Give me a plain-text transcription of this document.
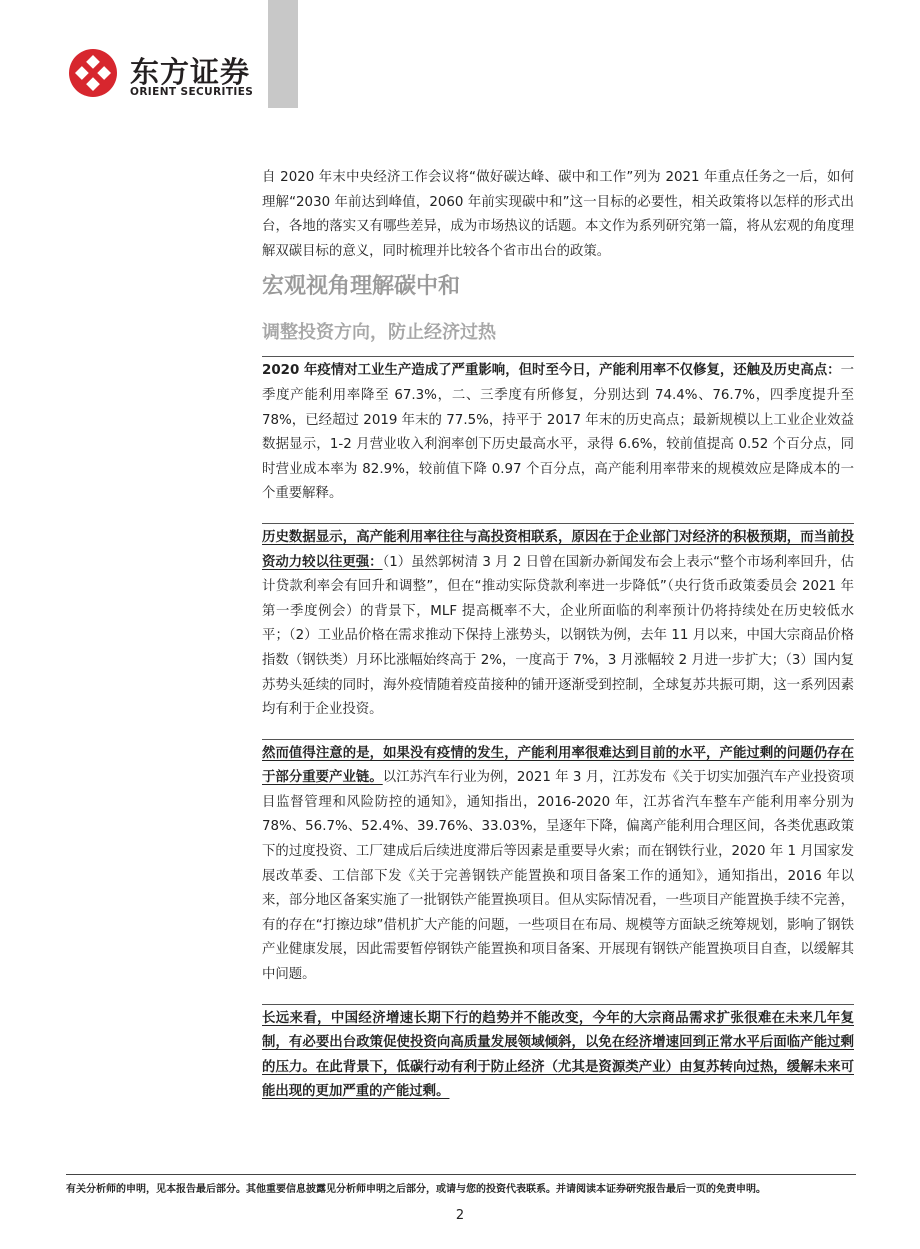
东方证券
ORIENT SECURITIES

自 2020 年末中央经济工作会议将“做好碳达峰、碳中和工作”列为 2021 年重点任务之一后，如何理解“2030 年前达到峰值，2060 年前实现碳中和”这一目标的必要性，相关政策将以怎样的形式出台，各地的落实又有哪些差异，成为市场热议的话题。本文作为系列研究第一篇，将从宏观的角度理解双碳目标的意义，同时梳理并比较各个省市出台的政策。

宏观视角理解碳中和
调整投资方向，防止经济过热

2020 年疫情对工业生产造成了严重影响，但时至今日，产能利用率不仅修复，还触及历史高点：一季度产能利用率降至 67.3%，二、三季度有所修复，分别达到 74.4%、76.7%，四季度提升至 78%，已经超过 2019 年末的 77.5%，持平于 2017 年末的历史高点；最新规模以上工业企业效益数据显示，1-2 月营业收入利润率创下历史最高水平，录得 6.6%，较前值提高 0.52 个百分点，同时营业成本率为 82.9%，较前值下降 0.97 个百分点，高产能利用率带来的规模效应是降成本的一个重要解释。

历史数据显示，高产能利用率往往与高投资相联系，原因在于企业部门对经济的积极预期，而当前投资动力较以往更强：（1）虽然郭树清 3 月 2 日曾在国新办新闻发布会上表示“整个市场利率回升，估计贷款利率会有回升和调整”，但在“推动实际贷款利率进一步降低”（央行货币政策委员会 2021 年第一季度例会）的背景下，MLF 提高概率不大，企业所面临的利率预计仍将持续处在历史较低水平；（2）工业品价格在需求推动下保持上涨势头，以钢铁为例，去年 11 月以来，中国大宗商品价格指数（钢铁类）月环比涨幅始终高于 2%，一度高于 7%，3 月涨幅较 2 月进一步扩大；（3）国内复苏势头延续的同时，海外疫情随着疫苗接种的铺开逐渐受到控制，全球复苏共振可期，这一系列因素均有利于企业投资。

然而值得注意的是，如果没有疫情的发生，产能利用率很难达到目前的水平，产能过剩的问题仍存在于部分重要产业链。以江苏汽车行业为例，2021 年 3 月，江苏发布《关于切实加强汽车产业投资项目监督管理和风险防控的通知》，通知指出，2016-2020 年，江苏省汽车整车产能利用率分别为 78%、56.7%、52.4%、39.76%、33.03%，呈逐年下降，偏离产能利用合理区间，各类优惠政策下的过度投资、工厂建成后后续进度滞后等因素是重要导火索；而在钢铁行业，2020 年 1 月国家发展改革委、工信部下发《关于完善钢铁产能置换和项目备案工作的通知》，通知指出，2016 年以来，部分地区备案实施了一批钢铁产能置换项目。但从实际情况看，一些项目产能置换手续不完善，有的存在“打擦边球”借机扩大产能的问题，一些项目在布局、规模等方面缺乏统筹规划，影响了钢铁产业健康发展，因此需要暂停钢铁产能置换和项目备案、开展现有钢铁产能置换项目自查，以缓解其中问题。

长远来看，中国经济增速长期下行的趋势并不能改变，今年的大宗商品需求扩张很难在未来几年复制，有必要出台政策促使投资向高质量发展领域倾斜，以免在经济增速回到正常水平后面临产能过剩的压力。在此背景下，低碳行动有利于防止经济（尤其是资源类产业）由复苏转向过热，缓解未来可能出现的更加严重的产能过剩。

有关分析师的申明，见本报告最后部分。其他重要信息披露见分析师申明之后部分，或请与您的投资代表联系。并请阅读本证券研究报告最后一页的免责申明。
2
